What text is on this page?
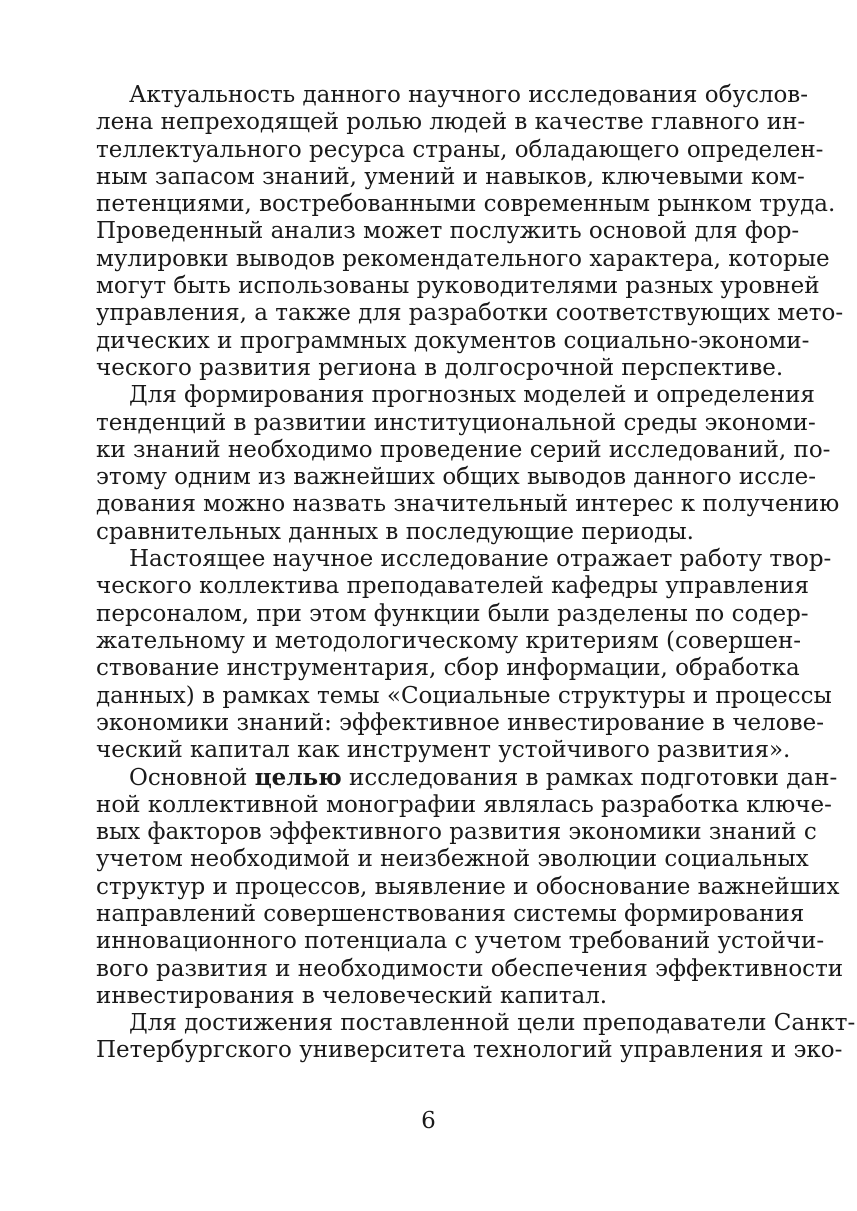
Актуальность данного научного исследования обуслов-
лена непреходящей ролью людей в качестве главного ин-
теллектуального ресурса страны, обладающего определен-
ным запасом знаний, умений и навыков, ключевыми ком-
петенциями, востребованными современным рынком труда.
Проведенный анализ может послужить основой для фор-
мулировки выводов рекомендательного характера, которые
могут быть использованы руководителями разных уровней
управления, а также для разработки соответствующих мето-
дических и программных документов социально-экономи-
ческого развития региона в долгосрочной перспективе.
Для формирования прогнозных моделей и определения
тенденций в развитии институциональной среды экономи-
ки знаний необходимо проведение серий исследований, по-
этому одним из важнейших общих выводов данного иссле-
дования можно назвать значительный интерес к получению
сравнительных данных в последующие периоды.
Настоящее научное исследование отражает работу твор-
ческого коллектива преподавателей кафедры управления
персоналом, при этом функции были разделены по содер-
жательному и методологическому критериям (совершен-
ствование инструментария, сбор информации, обработка
данных) в рамках темы «Социальные структуры и процессы
экономики знаний: эффективное инвестирование в челове-
ческий капитал как инструмент устойчивого развития».
Основной целью исследования в рамках подготовки дан-
ной коллективной монографии являлась разработка ключе-
вых факторов эффективного развития экономики знаний с
учетом необходимой и неизбежной эволюции социальных
структур и процессов, выявление и обоснование важнейших
направлений совершенствования системы формирования
инновационного потенциала с учетом требований устойчи-
вого развития и необходимости обеспечения эффективности
инвестирования в человеческий капитал.
Для достижения поставленной цели преподаватели Санкт-
Петербургского университета технологий управления и эко-
6
